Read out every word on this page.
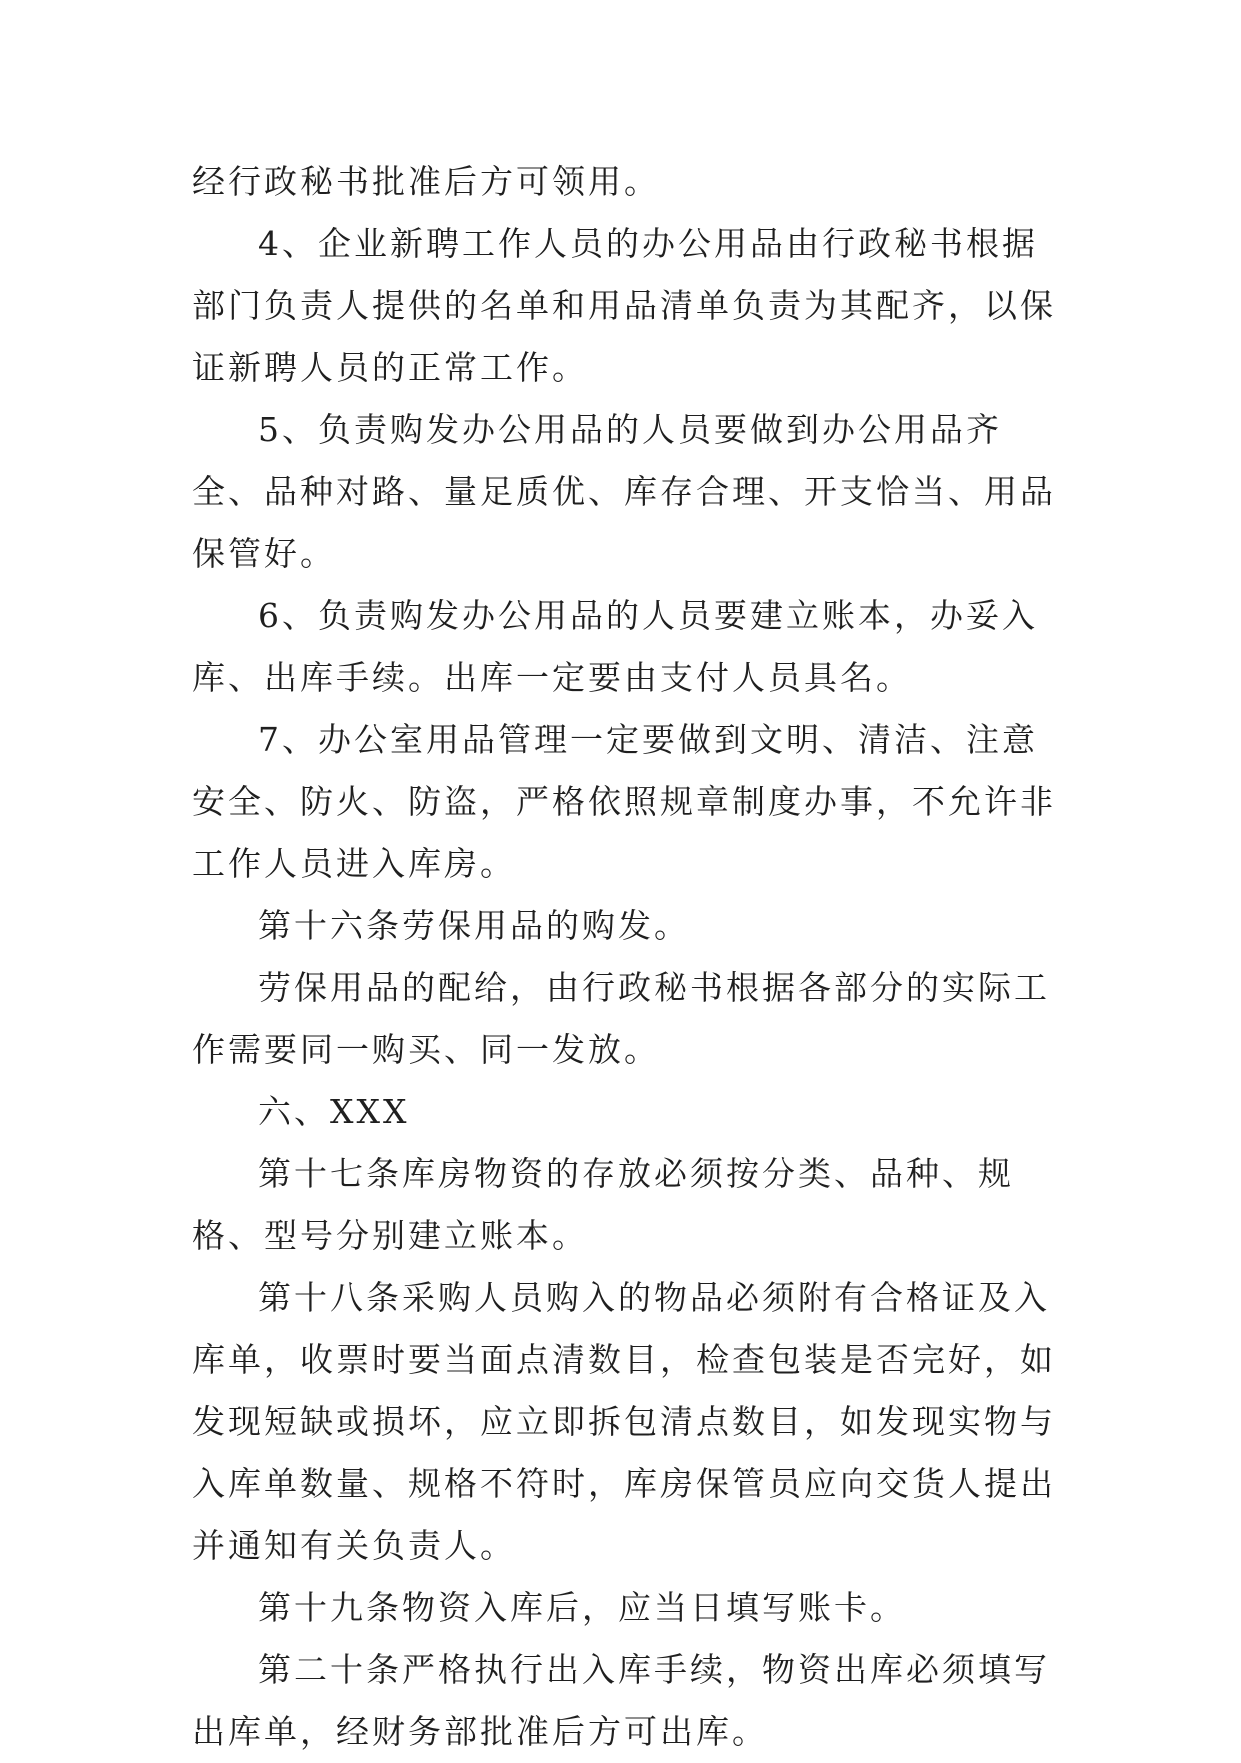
经行政秘书批准后方可领用。

4、企业新聘工作人员的办公用品由行政秘书根据部门负责人提供的名单和用品清单负责为其配齐，以保证新聘人员的正常工作。

5、负责购发办公用品的人员要做到办公用品齐全、品种对路、量足质优、库存合理、开支恰当、用品保管好。

6、负责购发办公用品的人员要建立账本，办妥入库、出库手续。出库一定要由支付人员具名。

7、办公室用品管理一定要做到文明、清洁、注意安全、防火、防盗，严格依照规章制度办事，不允许非工作人员进入库房。

第十六条劳保用品的购发。

劳保用品的配给，由行政秘书根据各部分的实际工作需要同一购买、同一发放。

六、XXX

第十七条库房物资的存放必须按分类、品种、规格、型号分别建立账本。

第十八条采购人员购入的物品必须附有合格证及入库单，收票时要当面点清数目，检查包装是否完好，如发现短缺或损坏，应立即拆包清点数目，如发现实物与入库单数量、规格不符时，库房保管员应向交货人提出并通知有关负责人。

第十九条物资入库后，应当日填写账卡。

第二十条严格执行出入库手续，物资出库必须填写出库单，经财务部批准后方可出库。
